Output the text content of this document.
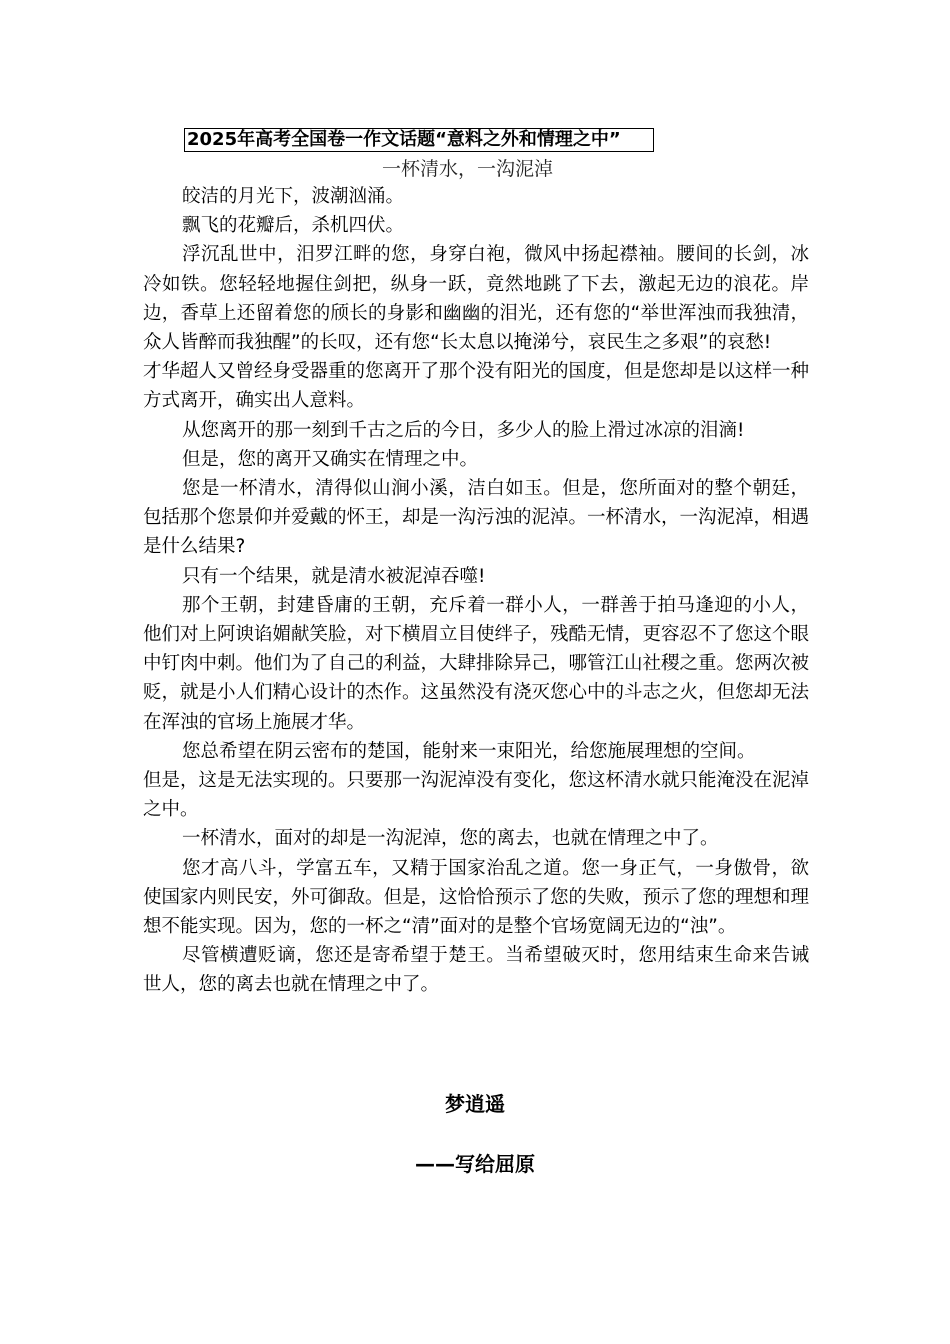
2025年高考全国卷一作文话题“意料之外和情理之中”
一杯清水，一沟泥淖

皎洁的月光下，波潮汹涌。

飘飞的花瓣后，杀机四伏。

浮沉乱世中，汨罗江畔的您，身穿白袍，微风中扬起襟袖。腰间的长剑，冰冷如铁。您轻轻地握住剑把，纵身一跃，竟然地跳了下去，激起无边的浪花。岸边，香草上还留着您的颀长的身影和幽幽的泪光，还有您的“举世浑浊而我独清，众人皆醉而我独醒”的长叹，还有您“长太息以掩涕兮，哀民生之多艰”的哀愁!

才华超人又曾经身受器重的您离开了那个没有阳光的国度，但是您却是以这样一种方式离开，确实出人意料。

从您离开的那一刻到千古之后的今日，多少人的脸上滑过冰凉的泪滴!

但是，您的离开又确实在情理之中。

您是一杯清水，清得似山涧小溪，洁白如玉。但是，您所面对的整个朝廷，包括那个您景仰并爱戴的怀王，却是一沟污浊的泥淖。一杯清水，一沟泥淖，相遇是什么结果?

只有一个结果，就是清水被泥淖吞噬!

那个王朝，封建昏庸的王朝，充斥着一群小人，一群善于拍马逢迎的小人，他们对上阿谀谄媚献笑脸，对下横眉立目使绊子，残酷无情，更容忍不了您这个眼中钉肉中刺。他们为了自己的利益，大肆排除异己，哪管江山社稷之重。您两次被贬，就是小人们精心设计的杰作。这虽然没有浇灭您心中的斗志之火，但您却无法在浑浊的官场上施展才华。

您总希望在阴云密布的楚国，能射来一束阳光，给您施展理想的空间。

但是，这是无法实现的。只要那一沟泥淖没有变化，您这杯清水就只能淹没在泥淖之中。

一杯清水，面对的却是一沟泥淖，您的离去，也就在情理之中了。

您才高八斗，学富五车，又精于国家治乱之道。您一身正气，一身傲骨，欲使国家内则民安，外可御敌。但是，这恰恰预示了您的失败，预示了您的理想和理想不能实现。因为，您的一杯之“清”面对的是整个官场宽阔无边的“浊”。

尽管横遭贬谪，您还是寄希望于楚王。当希望破灭时，您用结束生命来告诫世人，您的离去也就在情理之中了。

梦逍遥
——写给屈原
